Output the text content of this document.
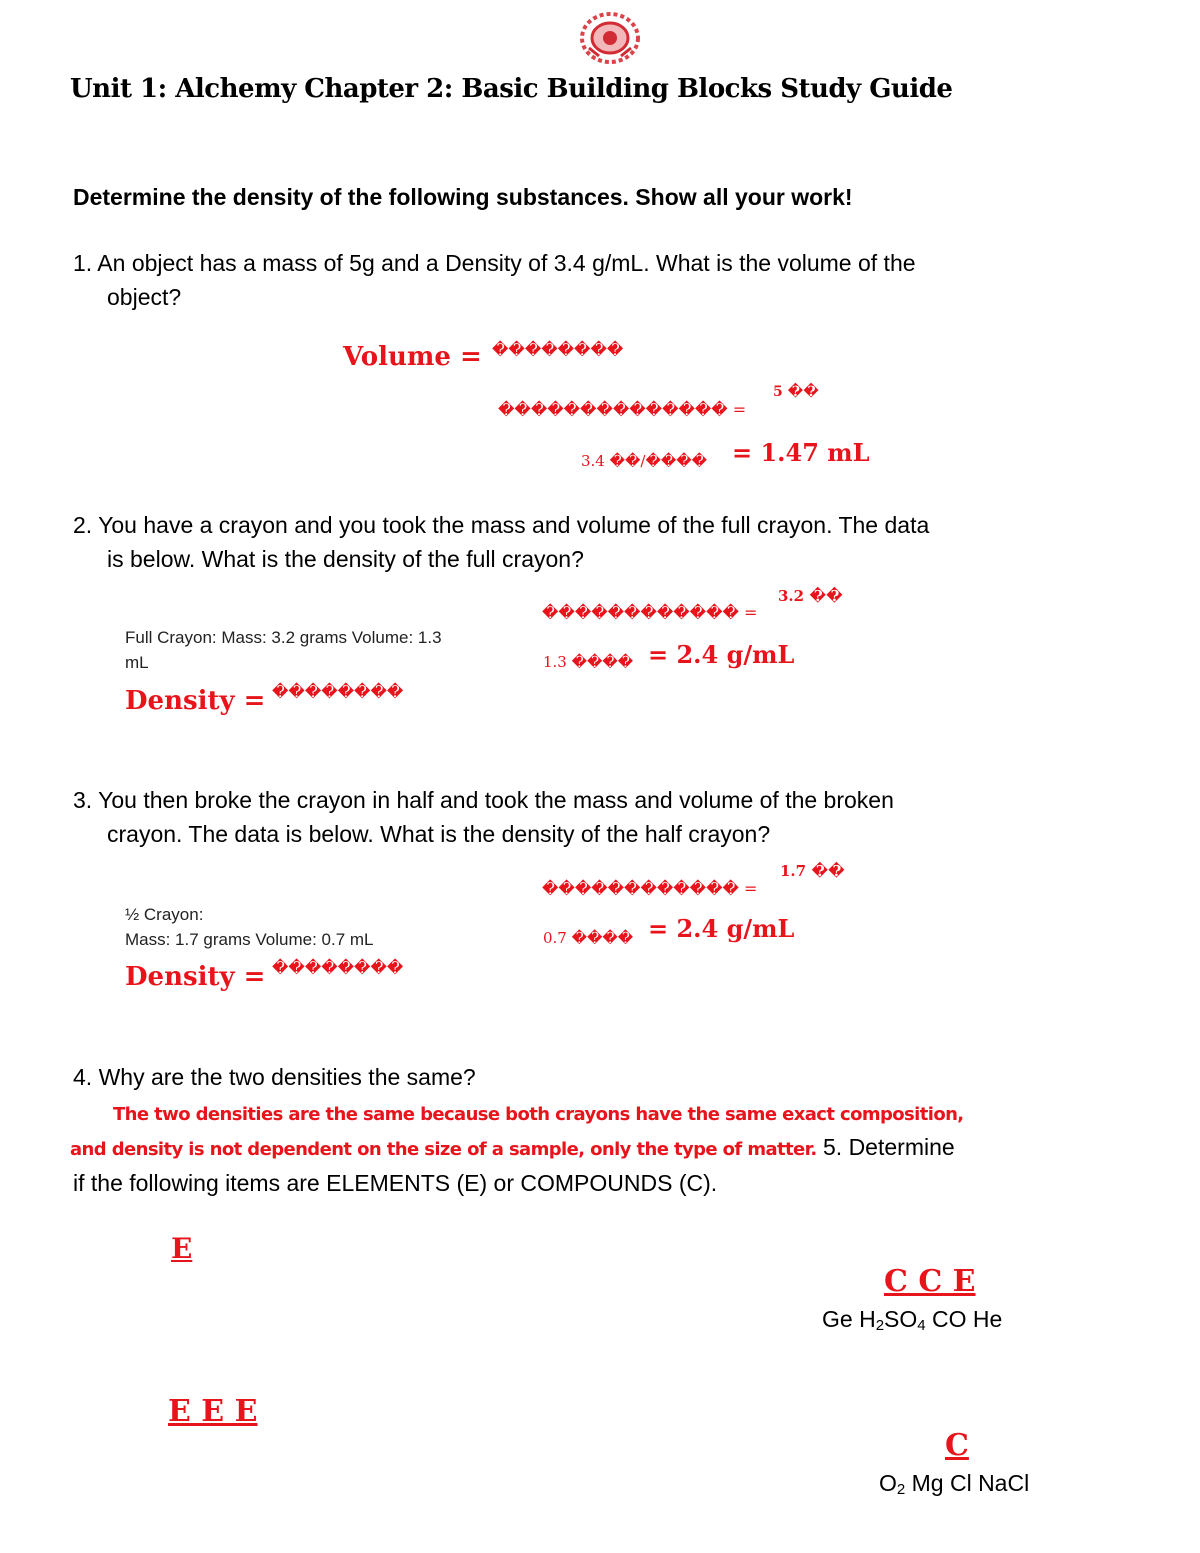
Unit 1: Alchemy Chapter 2: Basic Building Blocks Study Guide
Determine the density of the following substances. Show all your work!
1. An object has a mass of 5g and a Density of 3.4 g/mL. What is the volume of the
object?
Volume = ��������
�������������� =
5 ��
3.4 ��/���� = 1.47 mL
2. You have a crayon and you took the mass and volume of the full crayon. The data
is below. What is the density of the full crayon?
Full Crayon: Mass: 3.2 grams Volume: 1.3
mL
Density = ��������
������������ =
3.2 ��
1.3 ���� = 2.4 g/mL
3. You then broke the crayon in half and took the mass and volume of the broken
crayon. The data is below. What is the density of the half crayon?
½ Crayon:
Mass: 1.7 grams Volume: 0.7 mL
Density = ��������
������������ =
1.7 ��
0.7 ���� = 2.4 g/mL
4. Why are the two densities the same?
The two densities are the same because both crayons have the same exact composition,
and density is not dependent on the size of a sample, only the type of matter. 5. Determine
if the following items are ELEMENTS (E) or COMPOUNDS (C).
E
C C E
Ge $H_2SO_4$ CO He
E E E
C
$O_2$ Mg Cl NaCl
